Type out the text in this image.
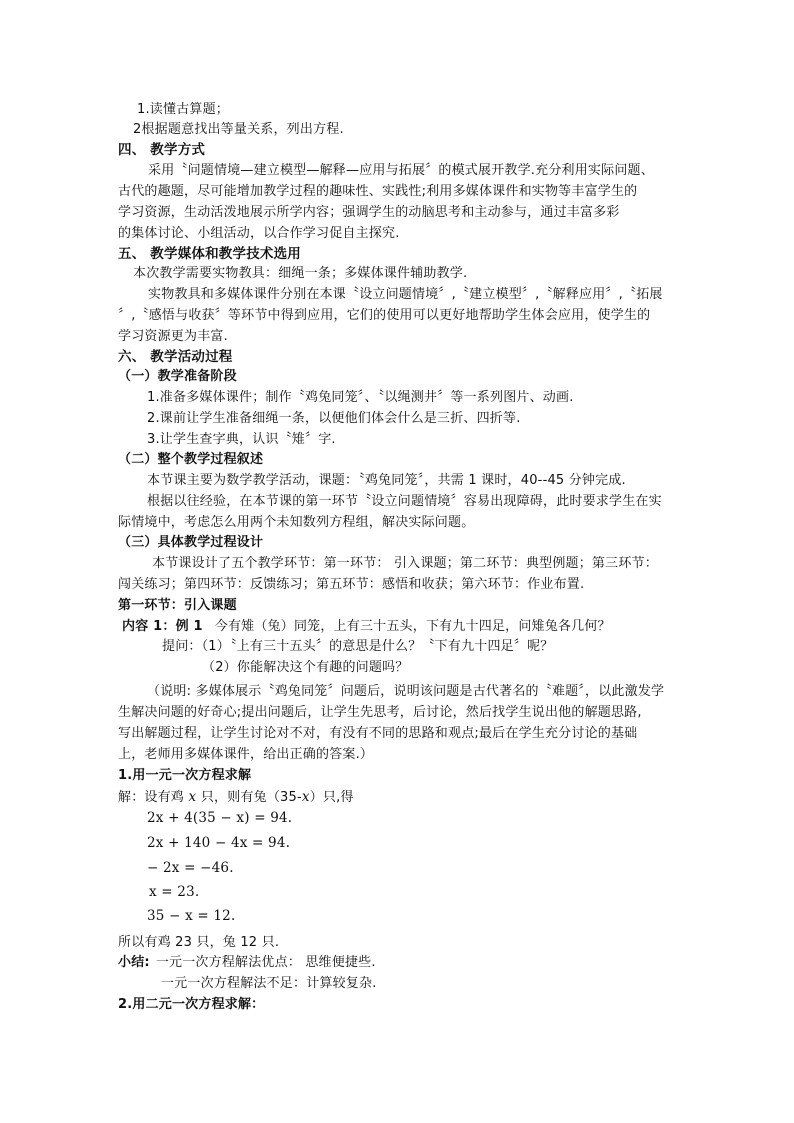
1.读懂古算题；
2根据题意找出等量关系，列出方程.
四、 教学方式
采用〝问题情境—建立模型—解释—应用与拓展〞的模式展开教学.充分利用实际问题、
古代的趣题，尽可能增加教学过程的趣味性、实践性;利用多媒体课件和实物等丰富学生的
学习资源，生动活泼地展示所学内容；强调学生的动脑思考和主动参与，通过丰富多彩
的集体讨论、小组活动，以合作学习促自主探究.
五、 教学媒体和教学技术选用
本次教学需要实物教具：细绳一条；多媒体课件辅助教学.
实物教具和多媒体课件分别在本课〝设立问题情境〞,〝建立模型〞,〝解释应用〞,〝拓展
〞,〝感悟与收获〞等环节中得到应用，它们的使用可以更好地帮助学生体会应用，使学生的
学习资源更为丰富.
六、 教学活动过程
（一）教学准备阶段
1.准备多媒体课件；制作〝鸡兔同笼〞、〝以绳测井〞等一系列图片、动画.
2.课前让学生准备细绳一条，以便他们体会什么是三折、四折等.
3.让学生查字典，认识〝雉〞字.
（二）整个教学过程叙述
本节课主要为数学教学活动，课题：〝鸡兔同笼〞，共需 1 课时，40--45 分钟完成.
根据以往经验，在本节课的第一环节〝设立问题情境〞容易出现障碍，此时要求学生在实
际情境中，考虑怎么用两个未知数列方程组，解决实际问题。
（三）具体教学过程设计
本节课设计了五个教学环节：第一环节： 引入课题；第二环节：典型例题；第三环节：
闯关练习；第四环节：反馈练习；第五环节：感悟和收获；第六环节：作业布置.
第一环节：引入课题
内容 1：例 1 今有雉（兔）同笼，上有三十五头，下有九十四足，问雉兔各几何？
提问：（1）〝上有三十五头〞的意思是什么？〝下有九十四足〞呢？
（2）你能解决这个有趣的问题吗？
（说明: 多媒体展示〝鸡兔同笼〞问题后，说明该问题是古代著名的〝难题〞，以此激发学
生解决问题的好奇心;提出问题后，让学生先思考，后讨论，然后找学生说出他的解题思路,
写出解题过程，让学生讨论对不对，有没有不同的思路和观点;最后在学生充分讨论的基础
上，老师用多媒体课件，给出正确的答案.）
1.用一元一次方程求解
解：设有鸡 x 只，则有兔（35-x）只,得
2x + 4(35 − x) = 94.
2x + 140 − 4x = 94.
− 2x = −46.
x = 23.
35 − x = 12.
所以有鸡 23 只，兔 12 只.
小结: 一元一次方程解法优点： 思维便捷些.
一元一次方程解法不足：计算较复杂.
2.用二元一次方程求解：
